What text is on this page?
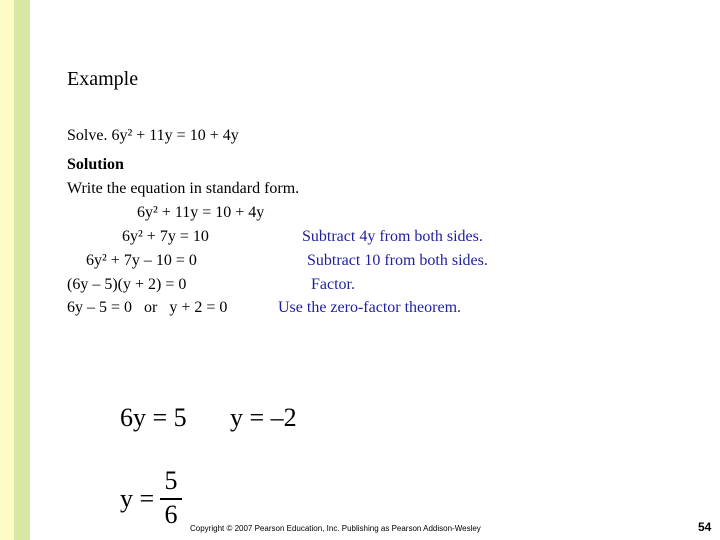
Example
Solve. 6y² + 11y = 10 + 4y
Solution
Write the equation in standard form.
6y² + 11y = 10 + 4y
6y² + 7y = 10	Subtract 4y from both sides.
6y² + 7y – 10 = 0	Subtract 10 from both sides.
(6y – 5)(y + 2) = 0	Factor.
6y – 5 = 0   or   y + 2 = 0	Use the zero-factor theorem.
6y = 5 y = –2
y =
5
6	Copyright © 2007 Pearson Education, Inc. Publishing as Pearson Addison-Wesley	54
